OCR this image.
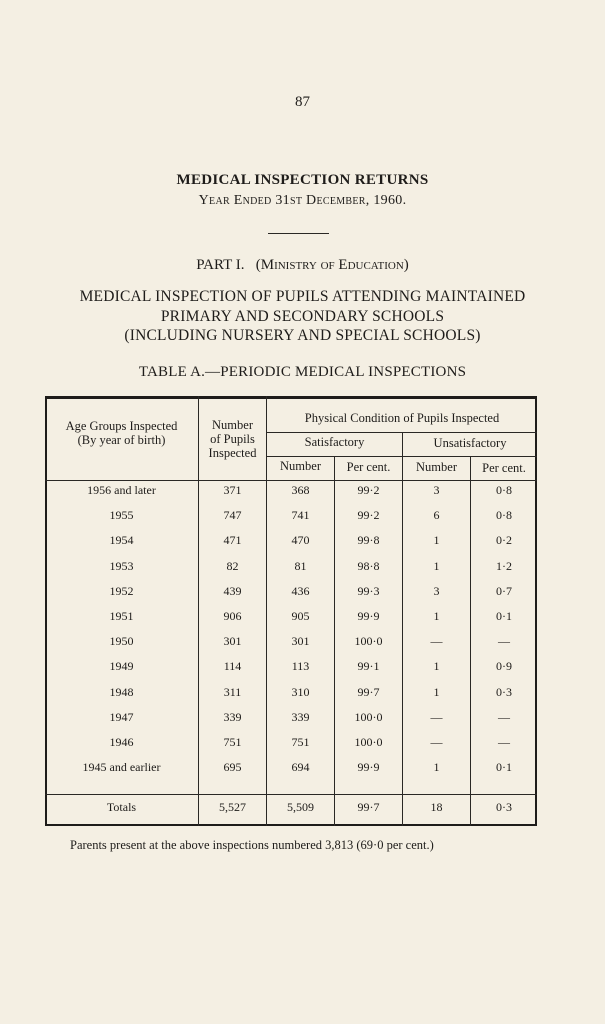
87
MEDICAL INSPECTION RETURNS
Year Ended 31st December, 1960.
PART I. (Ministry of Education)
MEDICAL INSPECTION OF PUPILS ATTENDING MAINTAINED
PRIMARY AND SECONDARY SCHOOLS
(INCLUDING NURSERY AND SPECIAL SCHOOLS)
TABLE A.—PERIODIC MEDICAL INSPECTIONS
Age Groups Inspected
(By year of birth)
Number
of Pupils
Inspected
Physical Condition of Pupils Inspected
Satisfactory	Unsatisfactory
Number	Per cent.	Number	Per cent.
1956 and later	371	368	99·2	3	0·8
1955	747	741	99·2	6	0·8
1954	471	470	99·8	1	0·2
1953	82	81	98·8	1	1·2
1952	439	436	99·3	3	0·7
1951	906	905	99·9	1	0·1
1950	301	301	100·0	—	—
1949	114	113	99·1	1	0·9
1948	311	310	99·7	1	0·3
1947	339	339	100·0	—	—
1946	751	751	100·0	—	—
1945 and earlier	695	694	99·9	1	0·1
Totals	5,527	5,509	99·7	18	0·3
Parents present at the above inspections numbered 3,813 (69·0 per cent.)
